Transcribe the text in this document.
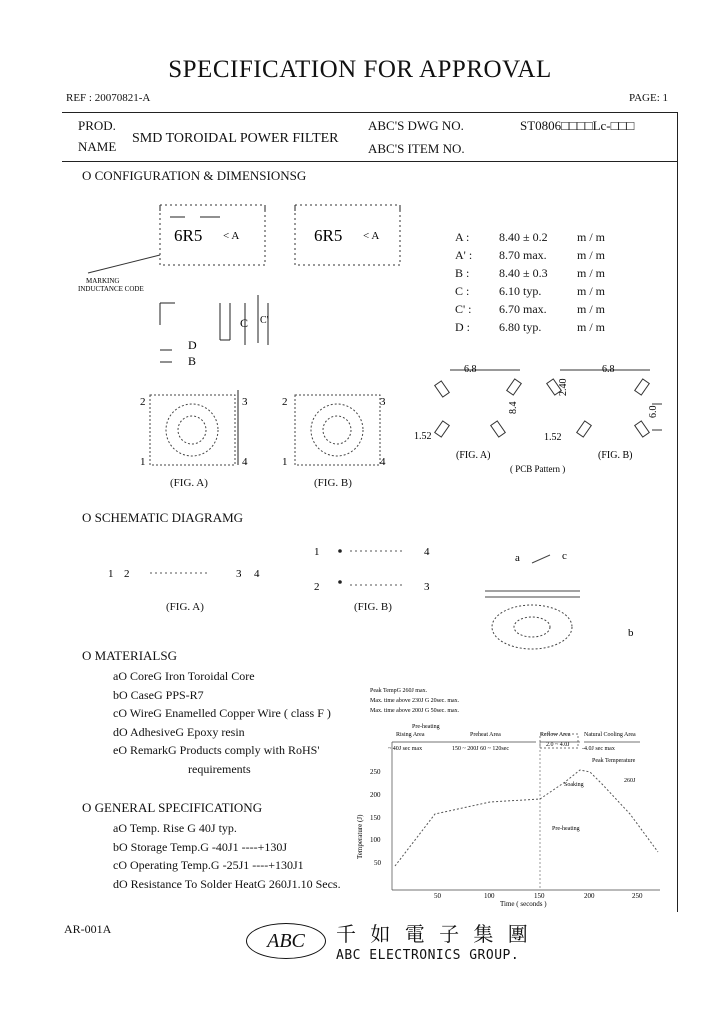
SPECIFICATION FOR APPROVAL
REF : 20070821-A	PAGE: 1
PROD.
NAME
SMD TOROIDAL POWER FILTER
ABC'S DWG NO.
ABC'S ITEM NO.
ST0806□□□□Lc-□□□
O CONFIGURATION & DIMENSIONSG
6R5	6R5
< A	< A
MARKING
INDUCTANCE CODE
C C'
D
B
2	3
1	4
2	3
1	4
(FIG. A)	(FIG. B)
A :	8.40 ± 0.2	m / m
A' :	8.70 max.	m / m
B :	8.40 ± 0.3	m / m
C :	6.10 typ.	m / m
C' :	6.70 max.	m / m
D :	6.80 typ.	m / m
6.8
8.4
1.52
6.8
2.40
6.0
1.52
(FIG. A)	(FIG. B)
( PCB Pattern )
O SCHEMATIC DIAGRAMG
1 2	3 4
1	4
2	3
a	c
b
(FIG. A)	(FIG. B)
O MATERIALSG
aO CoreG Iron Toroidal Core
bO CaseG PPS-R7
cO WireG Enamelled Copper Wire ( class F )
dO AdhesiveG Epoxy resin
eO RemarkG Products comply with RoHS'
requirements
O GENERAL SPECIFICATIONG
aO Temp. Rise G 40J typ.
bO Storage Temp.G -40J1 ----+130J
cO Operating Temp.G -25J1 ----+130J1
dO Resistance To Solder HeatG 260J1.10 Secs.
Peak TempG 260J max.
Max. time above 230J G 20sec. max.
Max. time above 200J G 50sec. max.
Pre-heating
Rising Area	Preheat Area	Reflow Area Natural Cooling Area
~ 40J sec max	150 ~ 200J 60 ~ 120sec
2.0 ~ 4.0J
-4.0J sec max
Peak Temperature
Soaking
260J
Pre-heating
250
200
150
100
50
50	100	150	200	250
Time ( seconds )
Temperature (J)
AR-001A
ABC	千 如 電 子 集 團
ABC ELECTRONICS GROUP.
